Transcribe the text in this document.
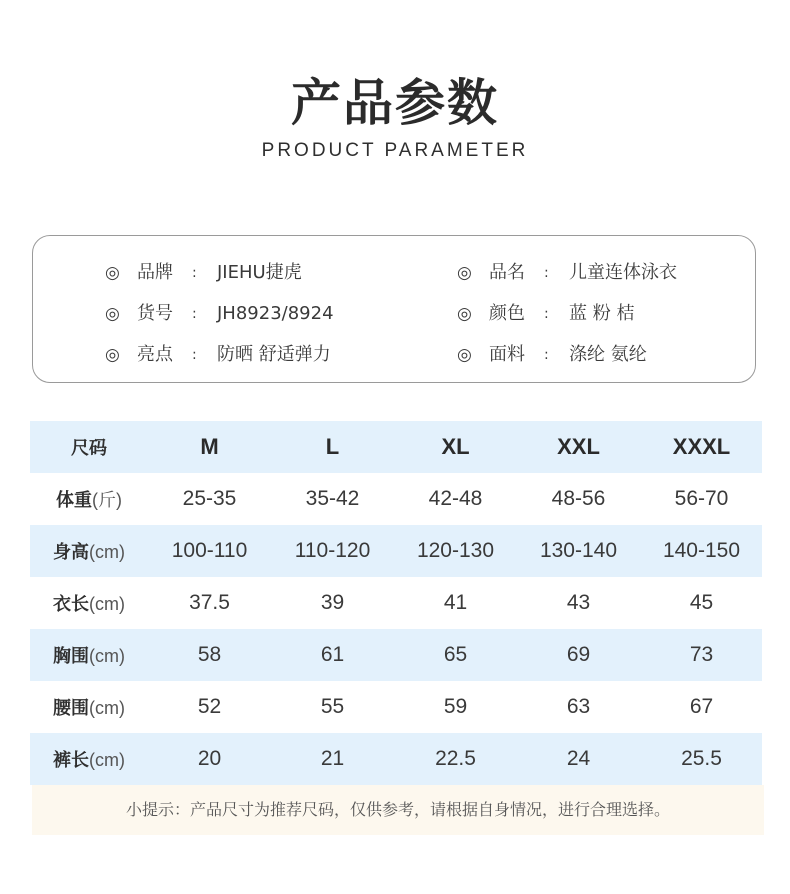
产品参数
PRODUCT PARAMETER
◎ 品牌 : JIEHU捷虎	◎ 品名 : 儿童连体泳衣
◎ 货号 : JH8923/8924	◎ 颜色 : 蓝 粉 桔
◎ 亮点 : 防晒 舒适弹力	◎ 面料 : 涤纶 氨纶
尺码	M	L	XL	XXL	XXXL
体重(斤)	25-35	35-42	42-48	48-56	56-70
身高(cm)	100-110	110-120	120-130	130-140	140-150
衣长(cm)	37.5	39	41	43	45
胸围(cm)	58	61	65	69	73
腰围(cm)	52	55	59	63	67
裤长(cm)	20	21	22.5	24	25.5
小提示：产品尺寸为推荐尺码，仅供参考，请根据自身情况，进行合理选择。
